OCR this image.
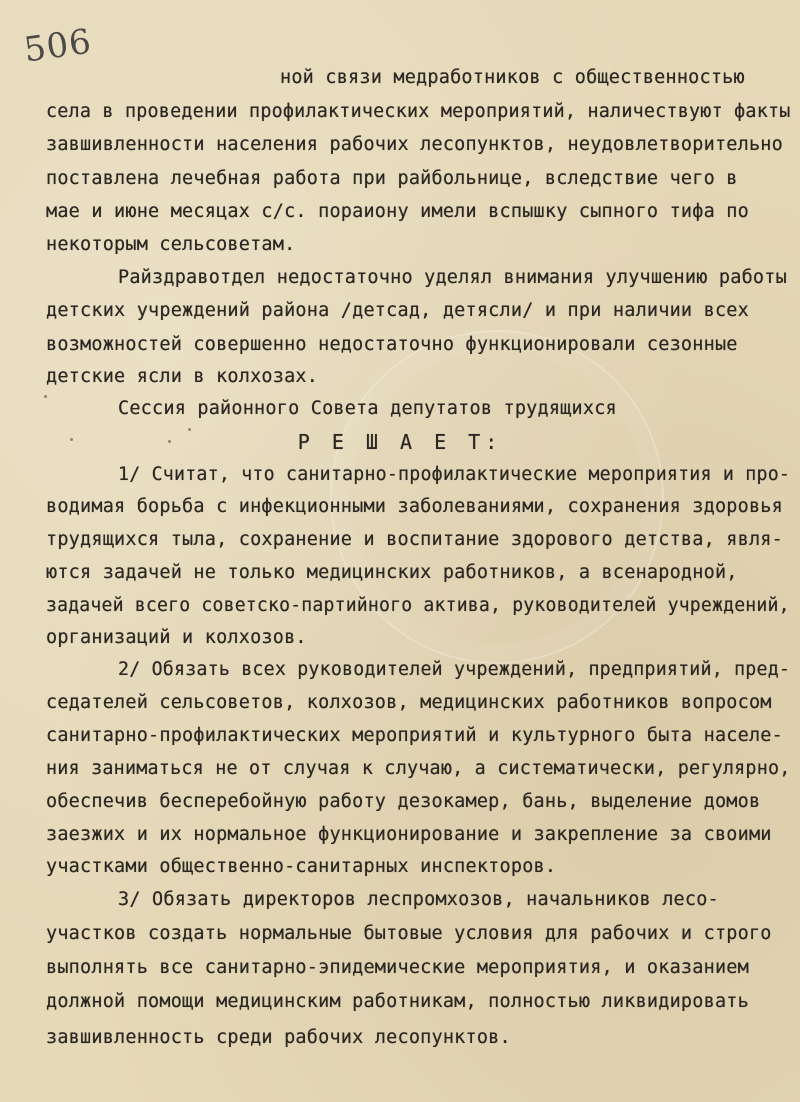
506
ной связи медработников с общественностью
села в проведении профилактических мероприятий, наличествуют факты
завшивленности населения рабочих лесопунктов, неудовлетворительно
поставлена лечебная работа при райбольнице, вследствие чего в
мае и июне месяцах с/с. пораиону имели вспышку сыпного тифа по
некоторым сельсоветам.
Райздравотдел недостаточно уделял внимания улучшению работы
детских учреждений района /детсад, детясли/ и при наличии всех
возможностей совершенно недостаточно функционировали сезонные
детские ясли в колхозах.
Сессия районного Совета депутатов трудящихся
Р Е Ш А Е Т:
1/ Считат, что санитарно-профилактические мероприятия и про-
водимая борьба с инфекционными заболеваниями, сохранения здоровья
трудящихся тыла, сохранение и воспитание здорового детства, явля-
ются задачей не только медицинских работников, а всенародной,
задачей всего советско-партийного актива, руководителей учреждений,
организаций и колхозов.
2/ Обязать всех руководителей учреждений, предприятий, пред-
седателей сельсоветов, колхозов, медицинских работников вопросом
санитарно-профилактических мероприятий и культурного быта населе-
ния заниматься не от случая к случаю, а систематически, регулярно,
обеспечив бесперебойную работу дезокамер, бань, выделение домов
заезжих и их нормальное функционирование и закрепление за своими
участками общественно-санитарных инспекторов.
3/ Обязать директоров леспромхозов, начальников лесо-
участков создать нормальные бытовые условия для рабочих и строго
выполнять все санитарно-эпидемические мероприятия, и оказанием
должной помощи медицинским работникам, полностью ликвидировать
завшивленность среди рабочих лесопунктов.
